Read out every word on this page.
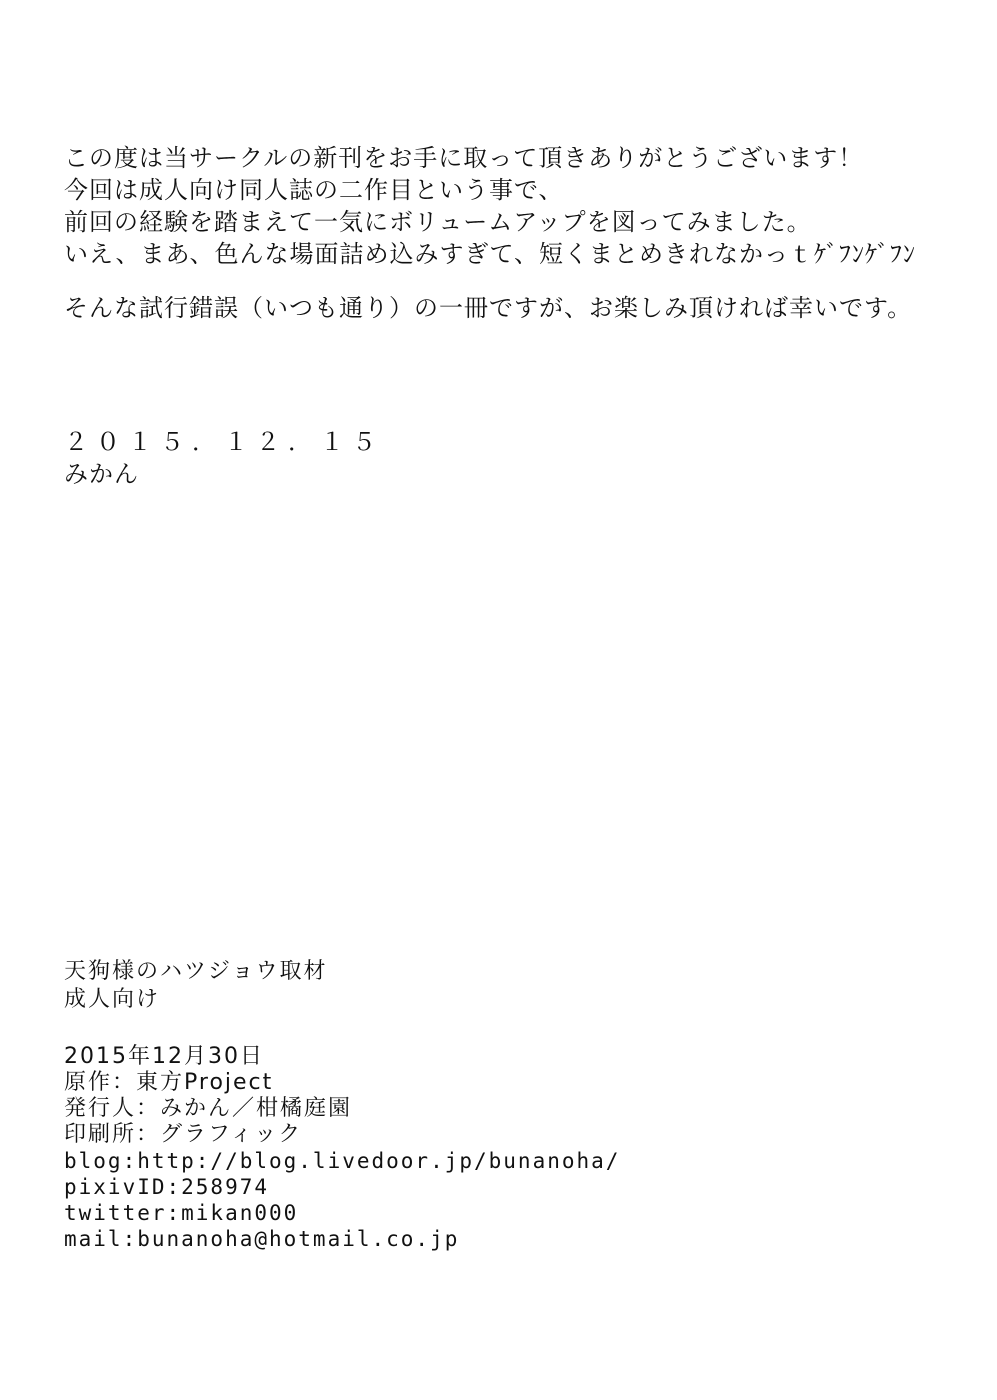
この度は当サークルの新刊をお手に取って頂きありがとうございます！
今回は成人向け同人誌の二作目という事で、
前回の経験を踏まえて一気にボリュームアップを図ってみました。
いえ、まあ、色んな場面詰め込みすぎて、短くまとめきれなかっｔｹﾞﾌﾝｹﾞﾌﾝ
そんな試行錯誤（いつも通り）の一冊ですが、お楽しみ頂ければ幸いです。
２０１５．１２．１５
みかん
天狗様のハツジョウ取材
成人向け
2015年12月30日
原作：東方Project
発行人：みかん／柑橘庭園
印刷所：グラフィック
blog:http://blog.livedoor.jp/bunanoha/
pixivID:258974
twitter:mikan000
mail:bunanoha@hotmail.co.jp
